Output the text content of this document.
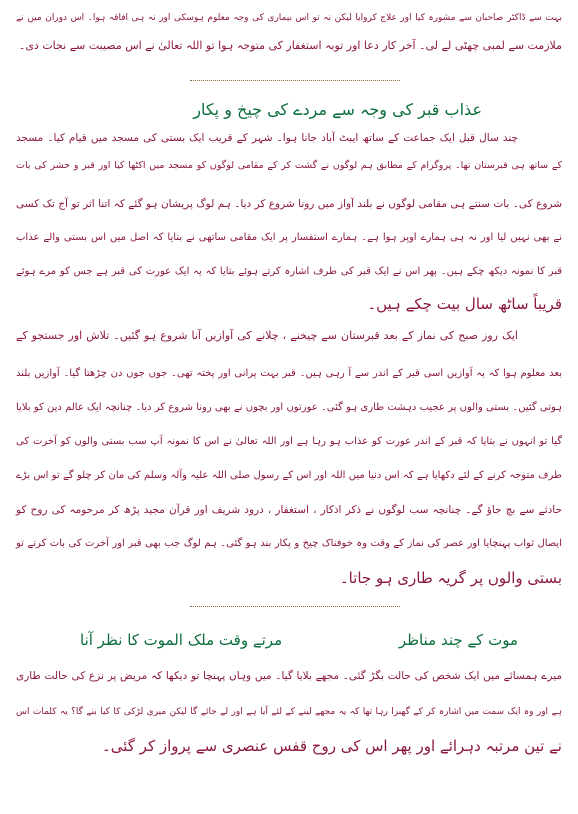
بہت سے ڈاکٹر صاحبان سے مشورہ کیا اور علاج کروایا لیکن نہ تو اس بیماری کی وجہ معلوم ہوسکی اور نہ ہی افاقہ ہوا۔ اس دوران میں نے
ملازمت سے لمبی چھٹی لے لی۔ آخر کار دعا اور توبہ استغفار کی متوجہ ہوا تو اللہ تعالیٰ نے اس مصیبت سے نجات دی۔
عذاب قبر کی وجہ سے مردے کی چیخ و پکار
چند سال قبل ایک جماعت کے ساتھ ایبٹ آباد جانا ہوا۔ شہر کے قریب ایک بستی کی مسجد میں قیام کیا۔ مسجد
کے ساتھ ہی قبرستان تھا۔ پروگرام کے مطابق ہم لوگوں نے گشت کر کے مقامی لوگوں کو مسجد میں اکٹھا کیا اور قبر و حشر کی بات
شروع کی۔ بات سنتے ہی مقامی لوگوں نے بلند آواز میں رونا شروع کر دیا۔ ہم لوگ پریشان ہو گئے کہ اتنا اثر تو آج تک کسی
نے بھی نہیں لیا اور نہ ہی ہمارے اوپر ہوا ہے۔ ہمارے استفسار پر ایک مقامی ساتھی نے بتایا کہ اصل میں اس بستی والے عذاب
قبر کا نمونہ دیکھ چکے ہیں۔ پھر اس نے ایک قبر کی طرف اشارہ کرتے ہوئے بتایا کہ یہ ایک عورت کی قبر ہے جس کو مرے ہوئے
قریباً ساٹھ سال بیت چکے ہیں۔
ایک روز صبح کی نماز کے بعد قبرستان سے چیخنے ، چلانے کی آوازیں آنا شروع ہو گئیں۔ تلاش اور جستجو کے
بعد معلوم ہوا کہ یہ آوازیں اسی قبر کے اندر سے آ رہی ہیں۔ قبر بہت پرانی اور پختہ تھی۔ جوں جوں دن چڑھتا گیا۔ آوازیں بلند
ہوتی گئیں۔ بستی والوں پر عجیب دہشت طاری ہو گئی۔ عورتوں اور بچوں نے بھی رونا شروع کر دیا۔ چنانچہ ایک عالم دین کو بلایا
گیا تو انہوں نے بتایا کہ قبر کے اندر عورت کو عذاب ہو رہا ہے اور اللہ تعالیٰ نے اس کا نمونہ آپ سب بستی والوں کو آخرت کی
طرف متوجہ کرنے کے لئے دکھایا ہے کہ اس دنیا میں اللہ اور اس کے رسول صلی اللہ علیہ وآلہ وسلم کی مان کر چلو گے تو اس بڑے
حادثے سے بچ جاؤ گے۔ چنانچہ سب لوگوں نے ذکر اذکار ، استغفار ، درود شریف اور قرآن مجید پڑھ کر مرحومہ کی روح کو
ایصال ثواب پہنچایا اور عصر کی نماز کے وقت وہ خوفناک چیخ و پکار بند ہو گئی۔ ہم لوگ جب بھی قبر اور آخرت کی بات کرتے تو
بستی والوں پر گریہ طاری ہو جاتا۔
موت کے چند مناظر
مرتے وقت ملک الموت کا نظر آنا
میرے ہمسائے میں ایک شخص کی حالت بگڑ گئی۔ مجھے بلایا گیا۔ میں وہاں پہنچا تو دیکھا کہ مریض پر نزع کی حالت طاری
ہے اور وہ ایک سمت میں اشارہ کر کے گھبرا رہا تھا کہ یہ مجھے لینے کے لئے آیا ہے اور لے جائے گا لیکن میری لڑکی کا کیا بنے گا؟ یہ کلمات اس
نے تین مرتبہ دہرائے اور پھر اس کی روح قفس عنصری سے پرواز کر گئی۔
